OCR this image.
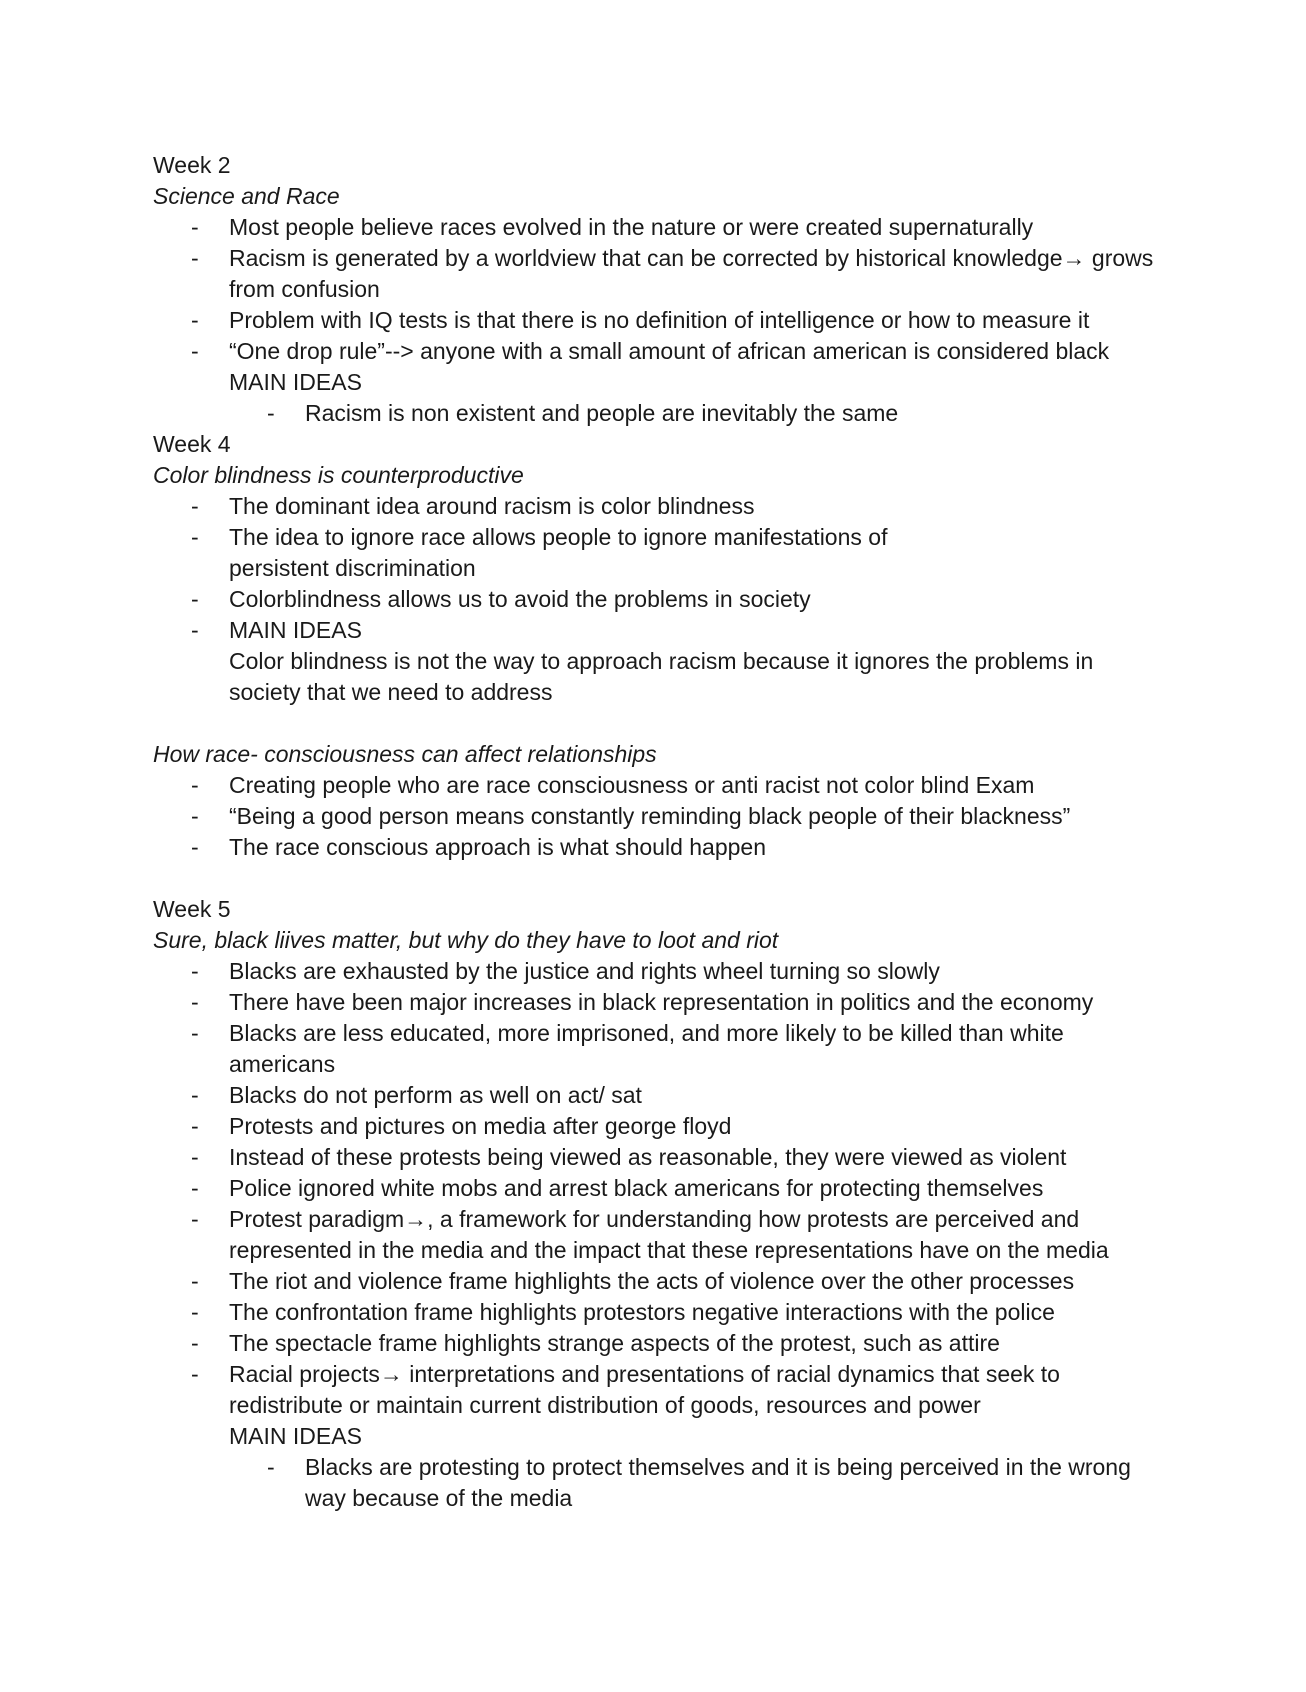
Week 2
Science and Race
- Most people believe races evolved in the nature or were created supernaturally
- Racism is generated by a worldview that can be corrected by historical knowledge→ grows from confusion
- Problem with IQ tests is that there is no definition of intelligence or how to measure it
- “One drop rule”--> anyone with a small amount of african american is considered black
MAIN IDEAS
- Racism is non existent and people are inevitably the same
Week 4
Color blindness is counterproductive
- The dominant idea around racism is color blindness
- The idea to ignore race allows people to ignore manifestations of persistent discrimination
- Colorblindness allows us to avoid the problems in society
- MAIN IDEAS
Color blindness is not the way to approach racism because it ignores the problems in society that we need to address
How race- consciousness can affect relationships
- Creating people who are race consciousness or anti racist not color blind Exam
- “Being a good person means constantly reminding black people of their blackness”
- The race conscious approach is what should happen
Week 5
Sure, black liives matter, but why do they have to loot and riot
- Blacks are exhausted by the justice and rights wheel turning so slowly
- There have been major increases in black representation in politics and the economy
- Blacks are less educated, more imprisoned, and more likely to be killed than white americans
- Blacks do not perform as well on act/ sat
- Protests and pictures on media after george floyd
- Instead of these protests being viewed as reasonable, they were viewed as violent
- Police ignored white mobs and arrest black americans for protecting themselves
- Protest paradigm→, a framework for understanding how protests are perceived and represented in the media and the impact that these representations have on the media
- The riot and violence frame highlights the acts of violence over the other processes
- The confrontation frame highlights protestors negative interactions with the police
- The spectacle frame highlights strange aspects of the protest, such as attire
- Racial projects→ interpretations and presentations of racial dynamics that seek to redistribute or maintain current distribution of goods, resources and power
MAIN IDEAS
- Blacks are protesting to protect themselves and it is being perceived in the wrong way because of the media
